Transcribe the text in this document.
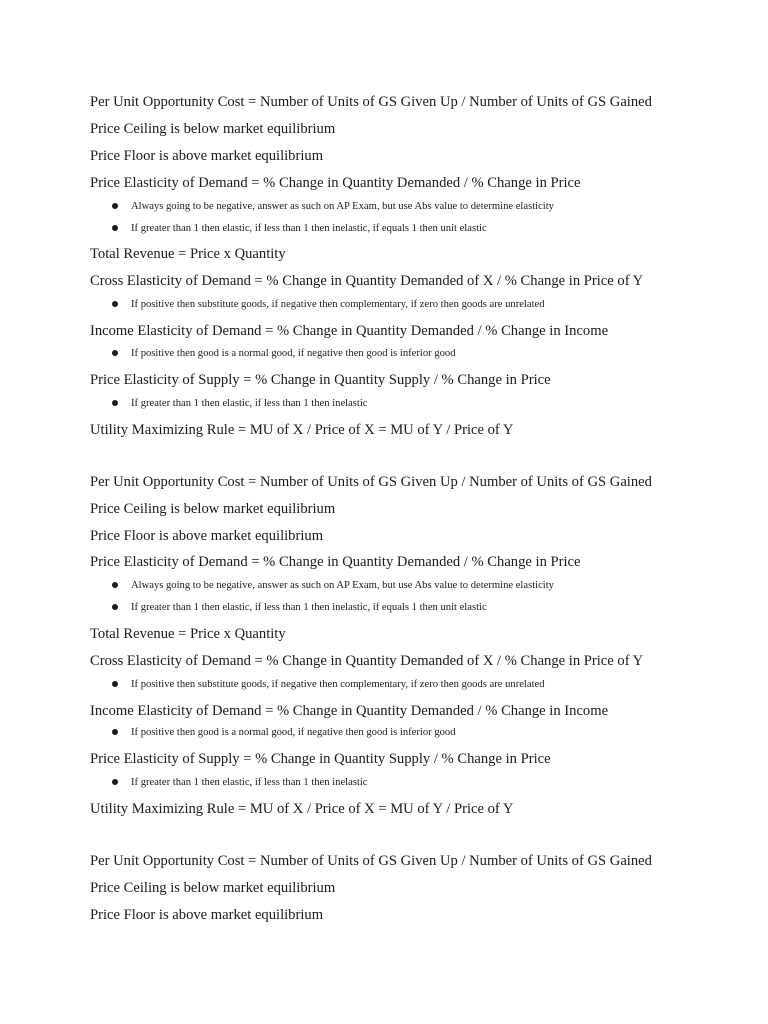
Per Unit Opportunity Cost = Number of Units of GS Given Up / Number of Units of GS Gained
Price Ceiling is below market equilibrium
Price Floor is above market equilibrium
Price Elasticity of Demand = % Change in Quantity Demanded / % Change in Price
Always going to be negative, answer as such on AP Exam, but use Abs value to determine elasticity
If greater than 1 then elastic, if less than 1 then inelastic, if equals 1 then unit elastic
Total Revenue = Price x Quantity
Cross Elasticity of Demand = % Change in Quantity Demanded of X / % Change in Price of Y
If positive then substitute goods, if negative then complementary, if zero then goods are unrelated
Income Elasticity of Demand = % Change in Quantity Demanded / % Change in Income
If positive then good is a normal good, if negative then good is inferior good
Price Elasticity of Supply = % Change in Quantity Supply / % Change in Price
If greater than 1 then elastic, if less than 1 then inelastic
Utility Maximizing Rule = MU of X / Price of X = MU of Y / Price of Y
Per Unit Opportunity Cost = Number of Units of GS Given Up / Number of Units of GS Gained
Price Ceiling is below market equilibrium
Price Floor is above market equilibrium
Price Elasticity of Demand = % Change in Quantity Demanded / % Change in Price
Always going to be negative, answer as such on AP Exam, but use Abs value to determine elasticity
If greater than 1 then elastic, if less than 1 then inelastic, if equals 1 then unit elastic
Total Revenue = Price x Quantity
Cross Elasticity of Demand = % Change in Quantity Demanded of X / % Change in Price of Y
If positive then substitute goods, if negative then complementary, if zero then goods are unrelated
Income Elasticity of Demand = % Change in Quantity Demanded / % Change in Income
If positive then good is a normal good, if negative then good is inferior good
Price Elasticity of Supply = % Change in Quantity Supply / % Change in Price
If greater than 1 then elastic, if less than 1 then inelastic
Utility Maximizing Rule = MU of X / Price of X = MU of Y / Price of Y
Per Unit Opportunity Cost = Number of Units of GS Given Up / Number of Units of GS Gained
Price Ceiling is below market equilibrium
Price Floor is above market equilibrium
